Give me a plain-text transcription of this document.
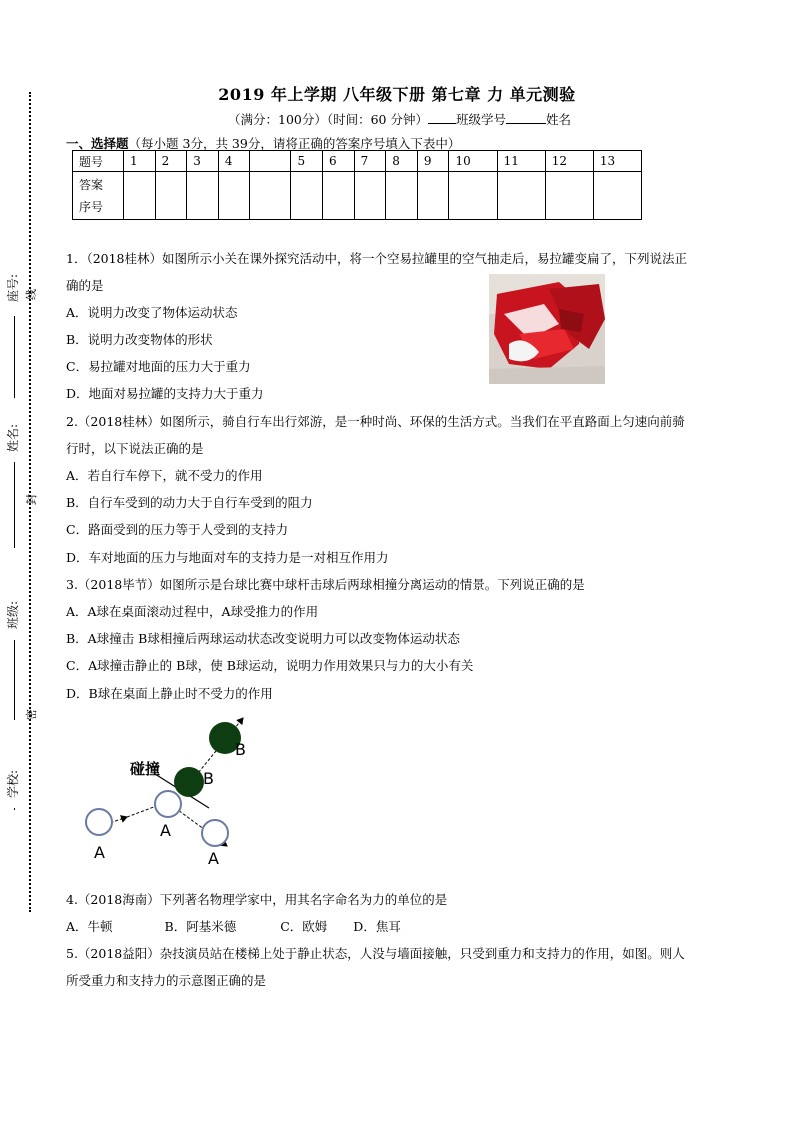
座号:
姓名:
班级:
学校:
线
封
密
2019 年上学期 八年级下册 第七章 力 单元测验
（满分：100分）（时间：60 分钟） 班级学号	姓名
一、选择题（每小题 3分，共 39分，请将正确的答案序号填入下表中）
题号	1	2	3	4		5	6	7	8	9	10	11	12	13
答案
序号														
1．（2018桂林）如图所示小关在课外探究活动中，将一个空易拉罐里的空气抽走后，易拉罐变扁了，下列说法正
确的是
A．说明力改变了物体运动状态
B．说明力改变物体的形状
C．易拉罐对地面的压力大于重力
D．地面对易拉罐的支持力大于重力
2.（2018桂林）如图所示，骑自行车出行郊游，是一种时尚、环保的生活方式。当我们在平直路面上匀速向前骑
行时，以下说法正确的是
A．若自行车停下，就不受力的作用
B．自行车受到的动力大于自行车受到的阻力
C．路面受到的压力等于人受到的支持力
D．车对地面的压力与地面对车的支持力是一对相互作用力
3.（2018毕节）如图所示是台球比赛中球杆击球后两球相撞分离运动的情景。下列说正确的是
A．A球在桌面滚动过程中，A球受推力的作用
B．A球撞击 B球相撞后两球运动状态改变说明力可以改变物体运动状态
C．A球撞击静止的 B球，使 B球运动，说明力作用效果只与力的大小有关
D．B球在桌面上静止时不受力的作用
碰撞	B
B
A
A	A
4.（2018海南）下列著名物理学家中，用其名字命名为力的单位的是
A．牛顿	B．阿基米德	C．欧姆 D．焦耳
5.（2018益阳）杂技演员站在楼梯上处于静止状态，人没与墙面接触，只受到重力和支持力的作用，如图。则人
所受重力和支持力的示意图正确的是
